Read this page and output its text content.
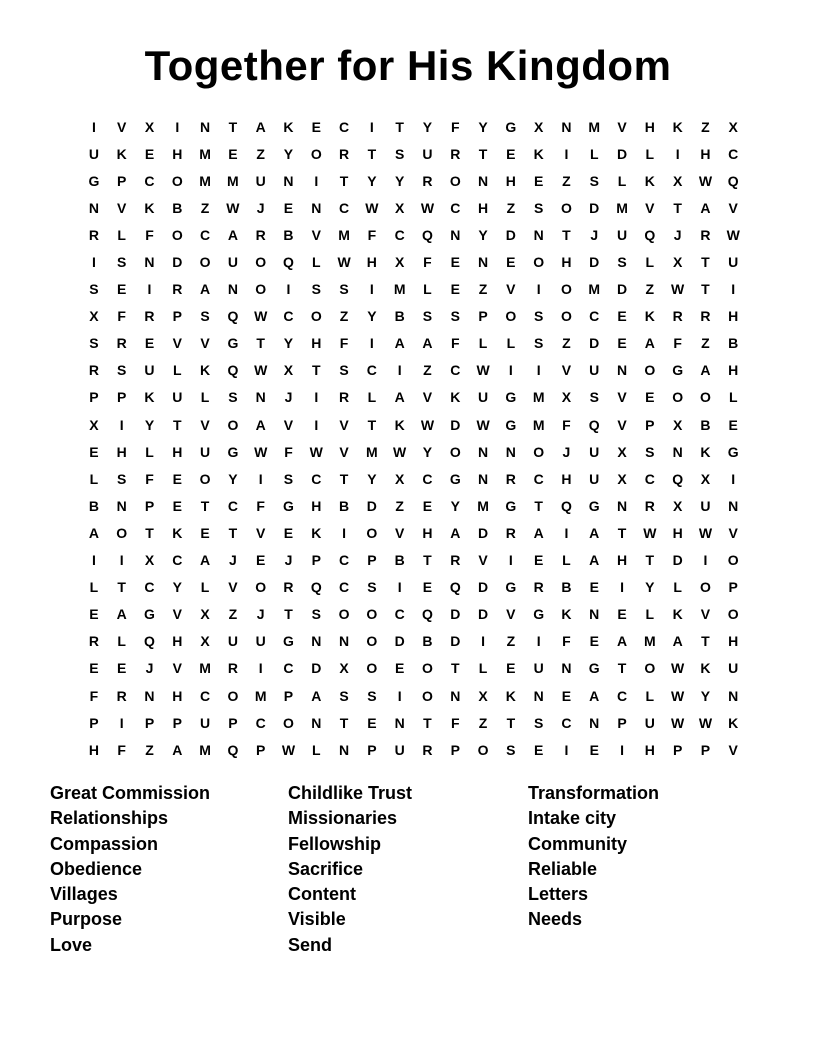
Together for His Kingdom
I	V	X	I	N	T	A	K	E	C	I	T	Y	F	Y	G	X	N	M	V	H	K	Z	X
U	K	E	H	M	E	Z	Y	O	R	T	S	U	R	T	E	K	I	L	D	L	I	H	C
G	P	C	O	M	M	U	N	I	T	Y	Y	R	O	N	H	E	Z	S	L	K	X	W	Q
N	V	K	B	Z	W	J	E	N	C	W	X	W	C	H	Z	S	O	D	M	V	T	A	V
R	L	F	O	C	A	R	B	V	M	F	C	Q	N	Y	D	N	T	J	U	Q	J	R	W
I	S	N	D	O	U	O	Q	L	W	H	X	F	E	N	E	O	H	D	S	L	X	T	U
S	E	I	R	A	N	O	I	S	S	I	M	L	E	Z	V	I	O	M	D	Z	W	T	I
X	F	R	P	S	Q	W	C	O	Z	Y	B	S	S	P	O	S	O	C	E	K	R	R	H
S	R	E	V	V	G	T	Y	H	F	I	A	A	F	L	L	S	Z	D	E	A	F	Z	B
R	S	U	L	K	Q	W	X	T	S	C	I	Z	C	W	I	I	V	U	N	O	G	A	H
P	P	K	U	L	S	N	J	I	R	L	A	V	K	U	G	M	X	S	V	E	O	O	L
X	I	Y	T	V	O	A	V	I	V	T	K	W	D	W	G	M	F	Q	V	P	X	B	E
E	H	L	H	U	G	W	F	W	V	M	W	Y	O	N	N	O	J	U	X	S	N	K	G
L	S	F	E	O	Y	I	S	C	T	Y	X	C	G	N	R	C	H	U	X	C	Q	X	I
B	N	P	E	T	C	F	G	H	B	D	Z	E	Y	M	G	T	Q	G	N	R	X	U	N
A	O	T	K	E	T	V	E	K	I	O	V	H	A	D	R	A	I	A	T	W	H	W	V
I	I	X	C	A	J	E	J	P	C	P	B	T	R	V	I	E	L	A	H	T	D	I	O
L	T	C	Y	L	V	O	R	Q	C	S	I	E	Q	D	G	R	B	E	I	Y	L	O	P
E	A	G	V	X	Z	J	T	S	O	O	C	Q	D	D	V	G	K	N	E	L	K	V	O
R	L	Q	H	X	U	U	G	N	N	O	D	B	D	I	Z	I	F	E	A	M	A	T	H
E	E	J	V	M	R	I	C	D	X	O	E	O	T	L	E	U	N	G	T	O	W	K	U
F	R	N	H	C	O	M	P	A	S	S	I	O	N	X	K	N	E	A	C	L	W	Y	N
P	I	P	P	U	P	C	O	N	T	E	N	T	F	Z	T	S	C	N	P	U	W	W	K
H	F	Z	A	M	Q	P	W	L	N	P	U	R	P	O	S	E	I	E	I	H	P	P	V
Great Commission
Relationships
Compassion
Obedience
Villages
Purpose
Love
Childlike Trust
Missionaries
Fellowship
Sacrifice
Content
Visible
Send
Transformation
Intake city
Community
Reliable
Letters
Needs
